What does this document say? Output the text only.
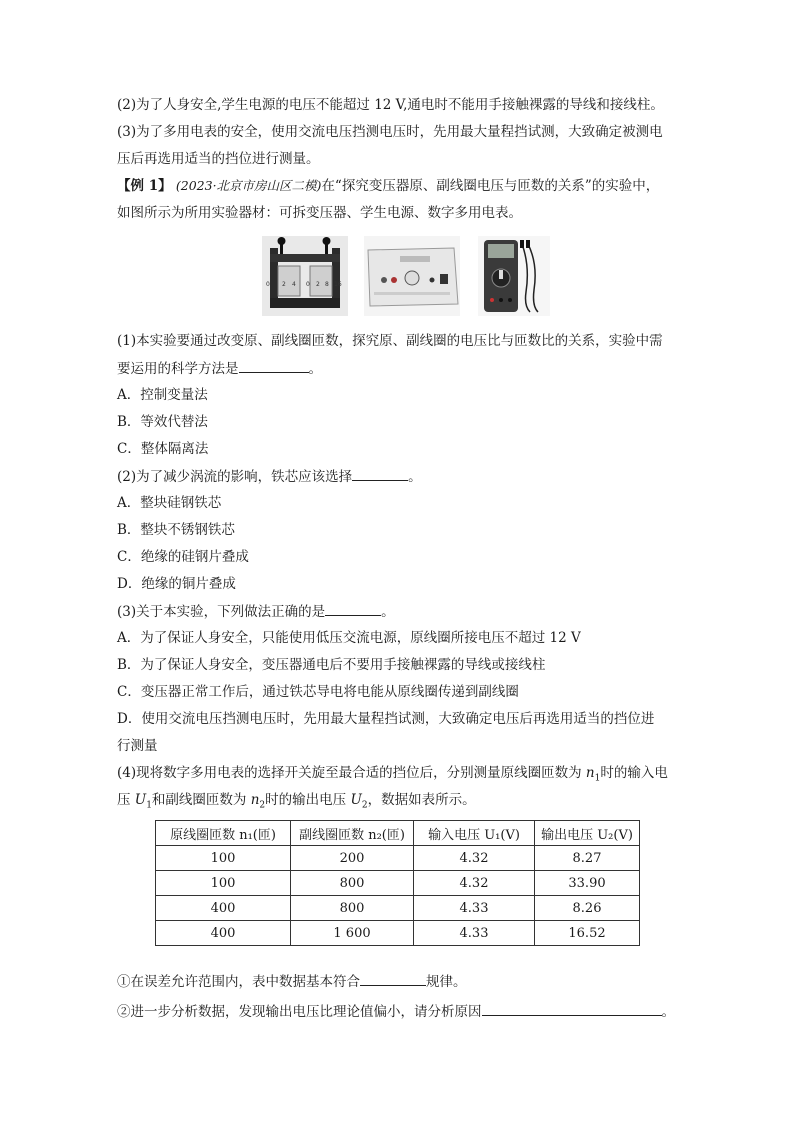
(2)为了人身安全,学生电源的电压不能超过 12 V,通电时不能用手接触裸露的导线和接线柱。
(3)为了多用电表的安全，使用交流电压挡测电压时，先用最大量程挡试测，大致确定被测电
压后再选用适当的挡位进行测量。
【例 1】 (2023·北京市房山区二模)在“探究变压器原、副线圈电压与匝数的关系”的实验中，
如图所示为所用实验器材：可拆变压器、学生电源、数字多用电表。
0 2 4 0 2 8 16
(1)本实验要通过改变原、副线圈匝数，探究原、副线圈的电压比与匝数比的关系，实验中需
要运用的科学方法是	。
A．控制变量法
B．等效代替法
C．整体隔离法
(2)为了减少涡流的影响，铁芯应该选择	。
A．整块硅钢铁芯
B．整块不锈钢铁芯
C．绝缘的硅钢片叠成
D．绝缘的铜片叠成
(3)关于本实验，下列做法正确的是	。
A．为了保证人身安全，只能使用低压交流电源，原线圈所接电压不超过 12 V
B．为了保证人身安全，变压器通电后不要用手接触裸露的导线或接线柱
C．变压器正常工作后，通过铁芯导电将电能从原线圈传递到副线圈
D．使用交流电压挡测电压时，先用最大量程挡试测，大致确定电压后再选用适当的挡位进
行测量
(4)现将数字多用电表的选择开关旋至最合适的挡位后，分别测量原线圈匝数为 $n_1$时的输入电
压 $U_1$和副线圈匝数为 $n_2$时的输出电压 $U_2$，数据如表所示。
原线圈匝数 n₁(匝)	副线圈匝数 n₂(匝)	输入电压 U₁(V)	输出电压 U₂(V)
100	200	4.32	8.27
100	800	4.32	33.90
400	800	4.33	8.26
400	1 600	4.33	16.52
①在误差允许范围内，表中数据基本符合	规律。
②进一步分析数据，发现输出电压比理论值偏小，请分析原因	。
